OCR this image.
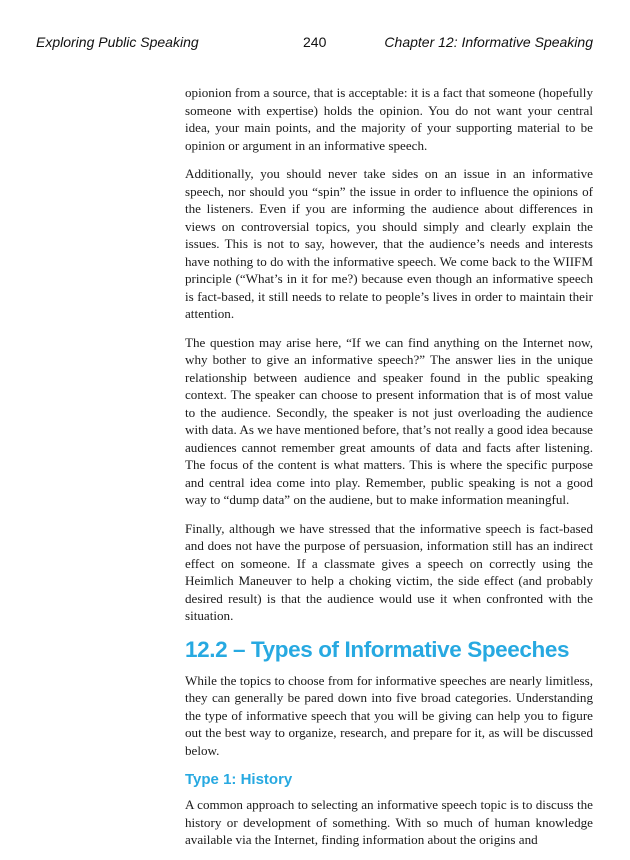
Exploring Public Speaking	240	Chapter 12: Informative Speaking

opionion from a source, that is acceptable: it is a fact that someone (hopefully someone with expertise) holds the opinion. You do not want your central idea, your main points, and the majority of your supporting material to be opinion or argument in an informative speech.

Additionally, you should never take sides on an issue in an informative speech, nor should you “spin” the issue in order to influence the opinions of the listeners. Even if you are informing the audience about differences in views on controversial topics, you should simply and clearly explain the issues. This is not to say, however, that the audience’s needs and interests have nothing to do with the informative speech. We come back to the WIIFM principle (“What’s in it for me?) because even though an informative speech is fact-based, it still needs to relate to people’s lives in order to maintain their attention.

The question may arise here, “If we can find anything on the Internet now, why bother to give an informative speech?” The answer lies in the unique relationship between audience and speaker found in the public speaking context. The speaker can choose to present information that is of most value to the audience. Secondly, the speaker is not just overloading the audience with data. As we have mentioned before, that’s not really a good idea because audiences cannot remember great amounts of data and facts after listening. The focus of the content is what matters. This is where the specific purpose and central idea come into play. Remember, public speaking is not a good way to “dump data” on the audiene, but to make information meaningful.

Finally, although we have stressed that the informative speech is fact-based and does not have the purpose of persuasion, information still has an indirect effect on someone. If a classmate gives a speech on correctly using the Heimlich Maneuver to help a choking victim, the side effect (and probably desired result) is that the audience would use it when confronted with the situation.

12.2 – Types of Informative Speeches

While the topics to choose from for informative speeches are nearly limitless, they can generally be pared down into five broad categories. Understanding the type of informative speech that you will be giving can help you to figure out the best way to organize, research, and prepare for it, as will be discussed below.

Type 1: History

A common approach to selecting an informative speech topic is to discuss the history or development of something. With so much of human knowledge available via the Internet, finding information about the origins and
